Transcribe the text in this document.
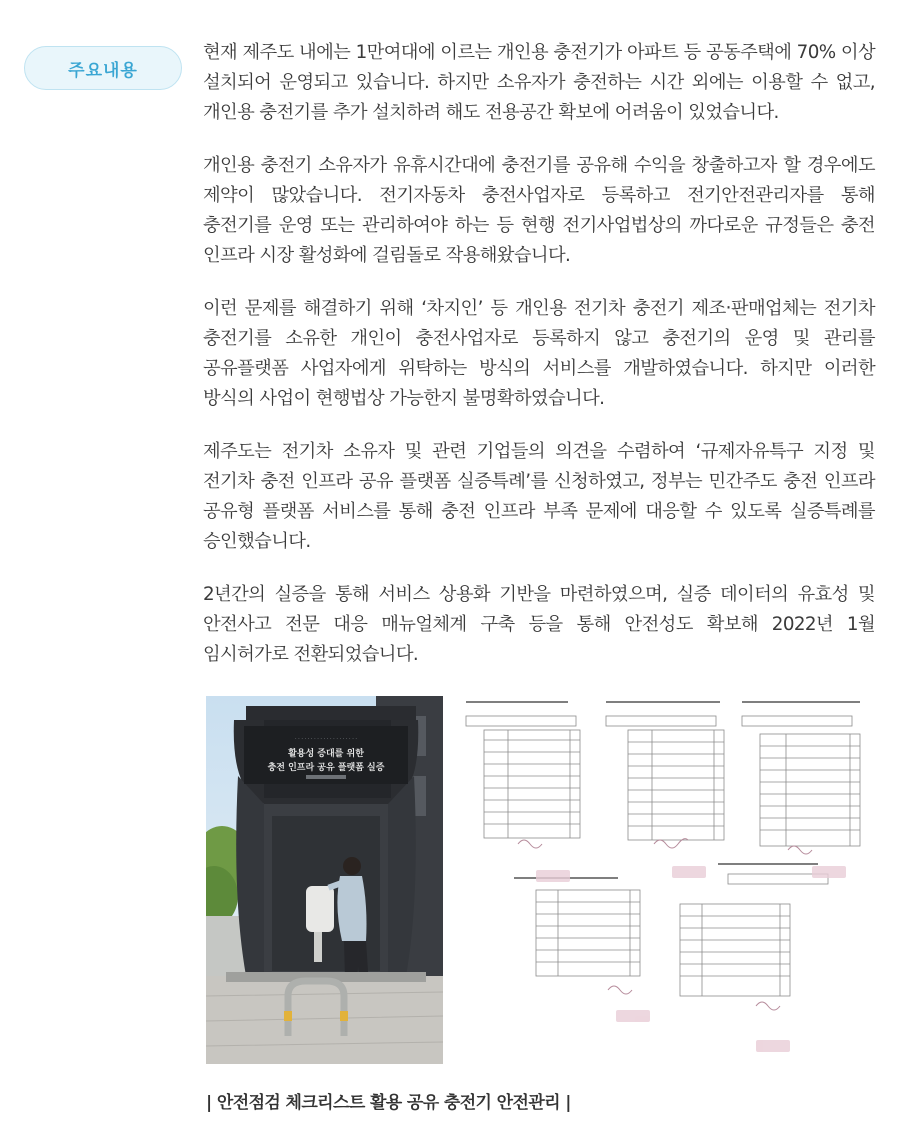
주요내용

현재 제주도 내에는 1만여대에 이르는 개인용 충전기가 아파트 등 공동주택에 70% 이상 설치되어 운영되고 있습니다. 하지만 소유자가 충전하는 시간 외에는 이용할 수 없고, 개인용 충전기를 추가 설치하려 해도 전용공간 확보에 어려움이 있었습니다.

개인용 충전기 소유자가 유휴시간대에 충전기를 공유해 수익을 창출하고자 할 경우에도 제약이 많았습니다. 전기자동차 충전사업자로 등록하고 전기안전관리자를 통해 충전기를 운영 또는 관리하여야 하는 등 현행 전기사업법상의 까다로운 규정들은 충전 인프라 시장 활성화에 걸림돌로 작용해왔습니다.

이런 문제를 해결하기 위해 ‘차지인’ 등 개인용 전기차 충전기 제조·판매업체는 전기차 충전기를 소유한 개인이 충전사업자로 등록하지 않고 충전기의 운영 및 관리를 공유플랫폼 사업자에게 위탁하는 방식의 서비스를 개발하였습니다. 하지만 이러한 방식의 사업이 현행법상 가능한지 불명확하였습니다.

제주도는 전기차 소유자 및 관련 기업들의 의견을 수렴하여 ‘규제자유특구 지정 및 전기차 충전 인프라 공유 플랫폼 실증특례’를 신청하였고, 정부는 민간주도 충전 인프라 공유형 플랫폼 서비스를 통해 충전 인프라 부족 문제에 대응할 수 있도록 실증특례를 승인했습니다.

2년간의 실증을 통해 서비스 상용화 기반을 마련하였으며, 실증 데이터의 유효성 및 안전사고 전문 대응 매뉴얼체계 구축 등을 통해 안전성도 확보해 2022년 1월 임시허가로 전환되었습니다.

· · · · · · · · · · · · · · · · · · · ·
활용성 증대를 위한
충전 인프라 공유 플랫폼 실증
| 안전점검 체크리스트 활용 공유 충전기 안전관리 |
